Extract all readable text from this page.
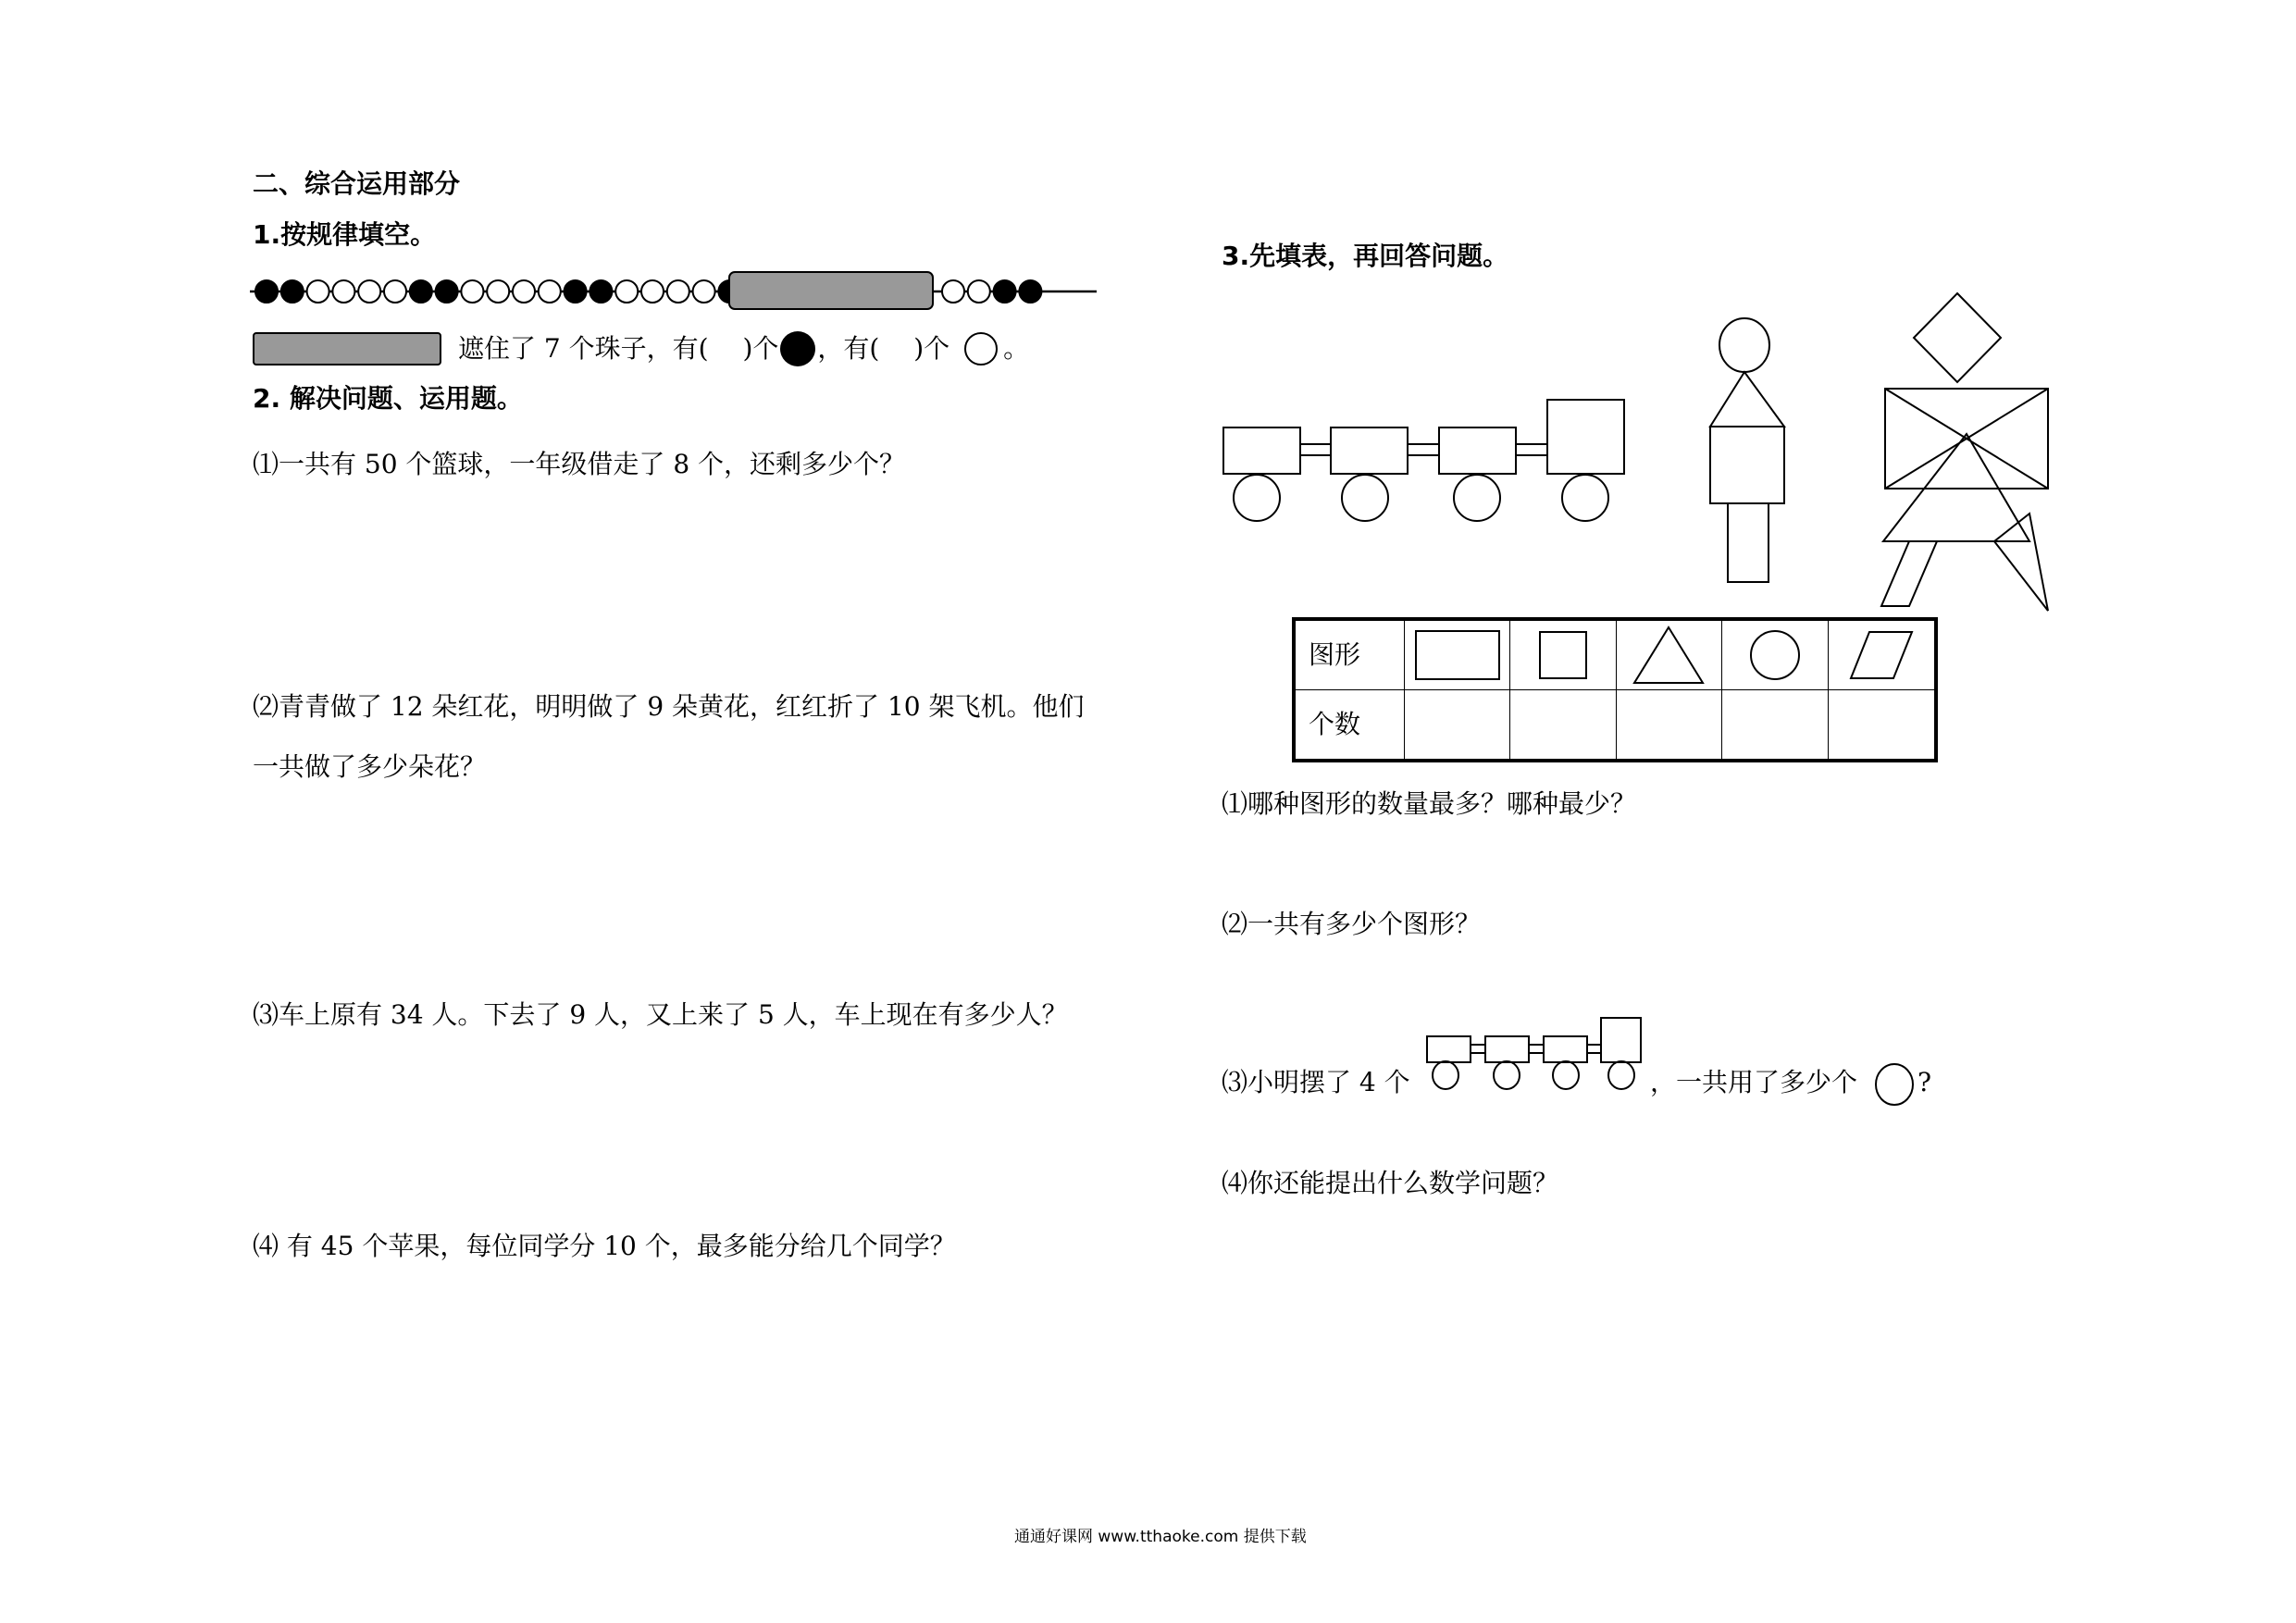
二、综合运用部分
1.按规律填空。
遮住了 7 个珠子，有(　 )个 ，有(　 )个 。
2. 解决问题、运用题。
⑴一共有 50 个篮球，一年级借走了 8 个，还剩多少个？
⑵青青做了 12 朵红花，明明做了 9 朵黄花，红红折了 10 架飞机。他们
一共做了多少朵花？
⑶车上原有 34 人。下去了 9 人，又上来了 5 人，车上现在有多少人？
⑷ 有 45 个苹果，每位同学分 10 个，最多能分给几个同学？
3.先填表，再回答问题。
图形
个数
⑴哪种图形的数量最多？哪种最少？
⑵一共有多少个图形？
⑶小明摆了 4 个	，一共用了多少个 ?
⑷你还能提出什么数学问题？
通通好课网 www.tthaoke.com 提供下载
